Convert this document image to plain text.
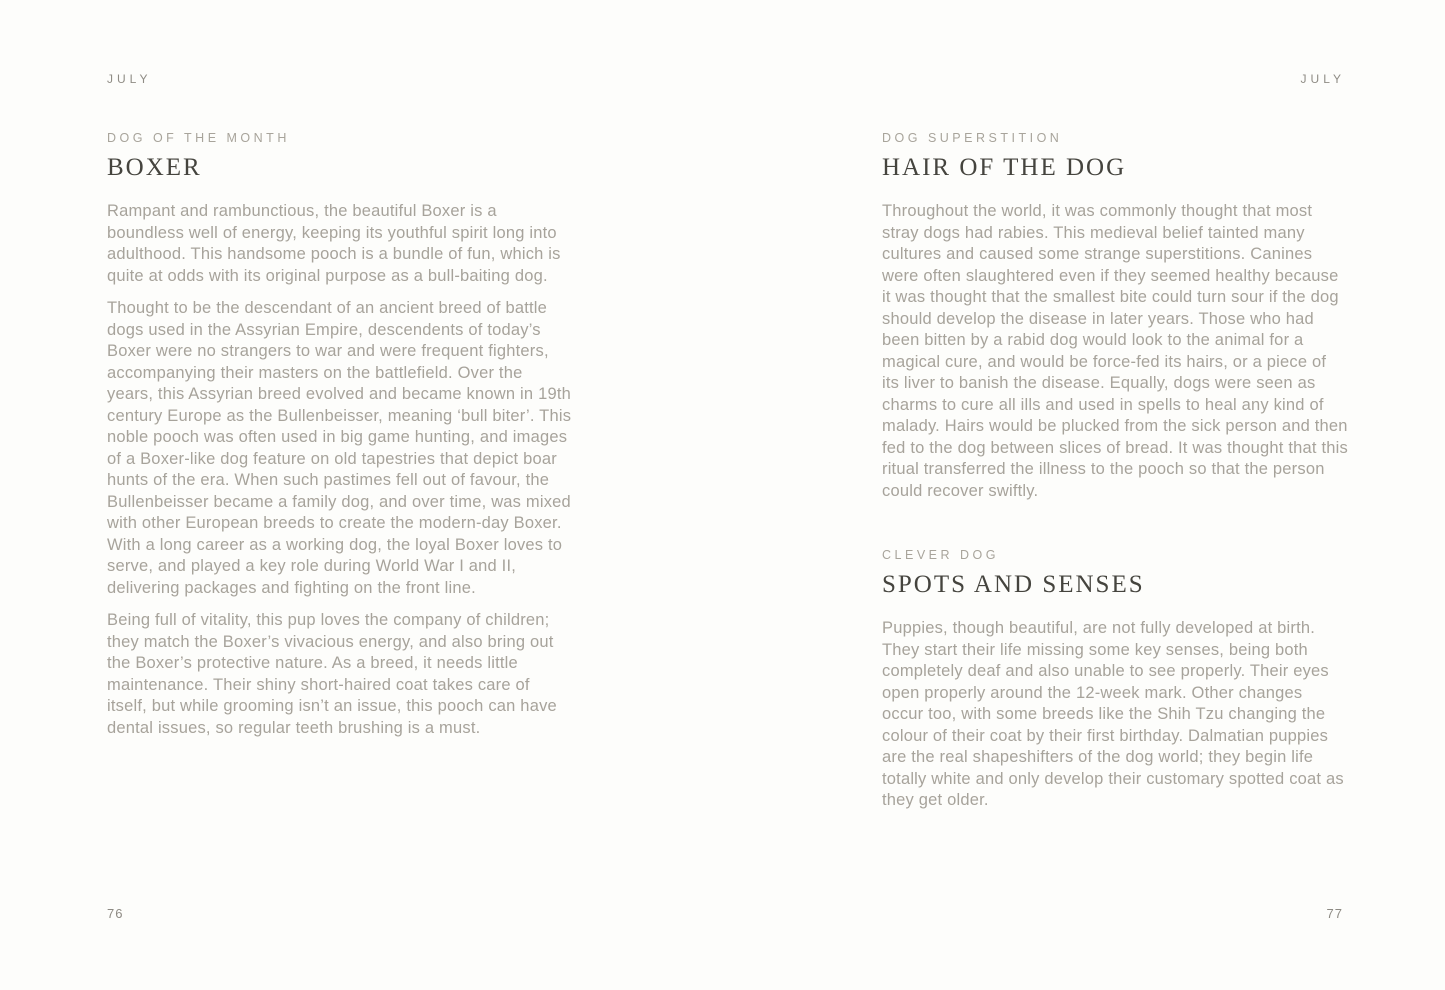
JULY
DOG OF THE MONTH
BOXER

Rampant and rambunctious, the beautiful Boxer is a boundless well of energy, keeping its youthful spirit long into adulthood. This handsome pooch is a bundle of fun, which is quite at odds with its original purpose as a bull-baiting dog.

Thought to be the descendant of an ancient breed of battle dogs used in the Assyrian Empire, descendents of today’s Boxer were no strangers to war and were frequent fighters, accompanying their masters on the battlefield. Over the years, this Assyrian breed evolved and became known in 19th century Europe as the Bullenbeisser, meaning ‘bull biter’. This noble pooch was often used in big game hunting, and images of a Boxer-like dog feature on old tapestries that depict boar hunts of the era. When such pastimes fell out of favour, the Bullenbeisser became a family dog, and over time, was mixed with other European breeds to create the modern-day Boxer. With a long career as a working dog, the loyal Boxer loves to serve, and played a key role during World War I and II, delivering packages and fighting on the front line.

Being full of vitality, this pup loves the company of children; they match the Boxer’s vivacious energy, and also bring out the Boxer’s protective nature. As a breed, it needs little maintenance. Their shiny short-haired coat takes care of itself, but while grooming isn’t an issue, this pooch can have dental issues, so regular teeth brushing is a must.

76
JULY
DOG SUPERSTITION
HAIR OF THE DOG

Throughout the world, it was commonly thought that most stray dogs had rabies. This medieval belief tainted many cultures and caused some strange superstitions. Canines were often slaughtered even if they seemed healthy because it was thought that the smallest bite could turn sour if the dog should develop the disease in later years. Those who had been bitten by a rabid dog would look to the animal for a magical cure, and would be force-fed its hairs, or a piece of its liver to banish the disease. Equally, dogs were seen as charms to cure all ills and used in spells to heal any kind of malady. Hairs would be plucked from the sick person and then fed to the dog between slices of bread. It was thought that this ritual transferred the illness to the pooch so that the person could recover swiftly.

CLEVER DOG
SPOTS AND SENSES

Puppies, though beautiful, are not fully developed at birth. They start their life missing some key senses, being both completely deaf and also unable to see properly. Their eyes open properly around the 12-week mark. Other changes occur too, with some breeds like the Shih Tzu changing the colour of their coat by their first birthday. Dalmatian puppies are the real shapeshifters of the dog world; they begin life totally white and only develop their customary spotted coat as they get older.

77
